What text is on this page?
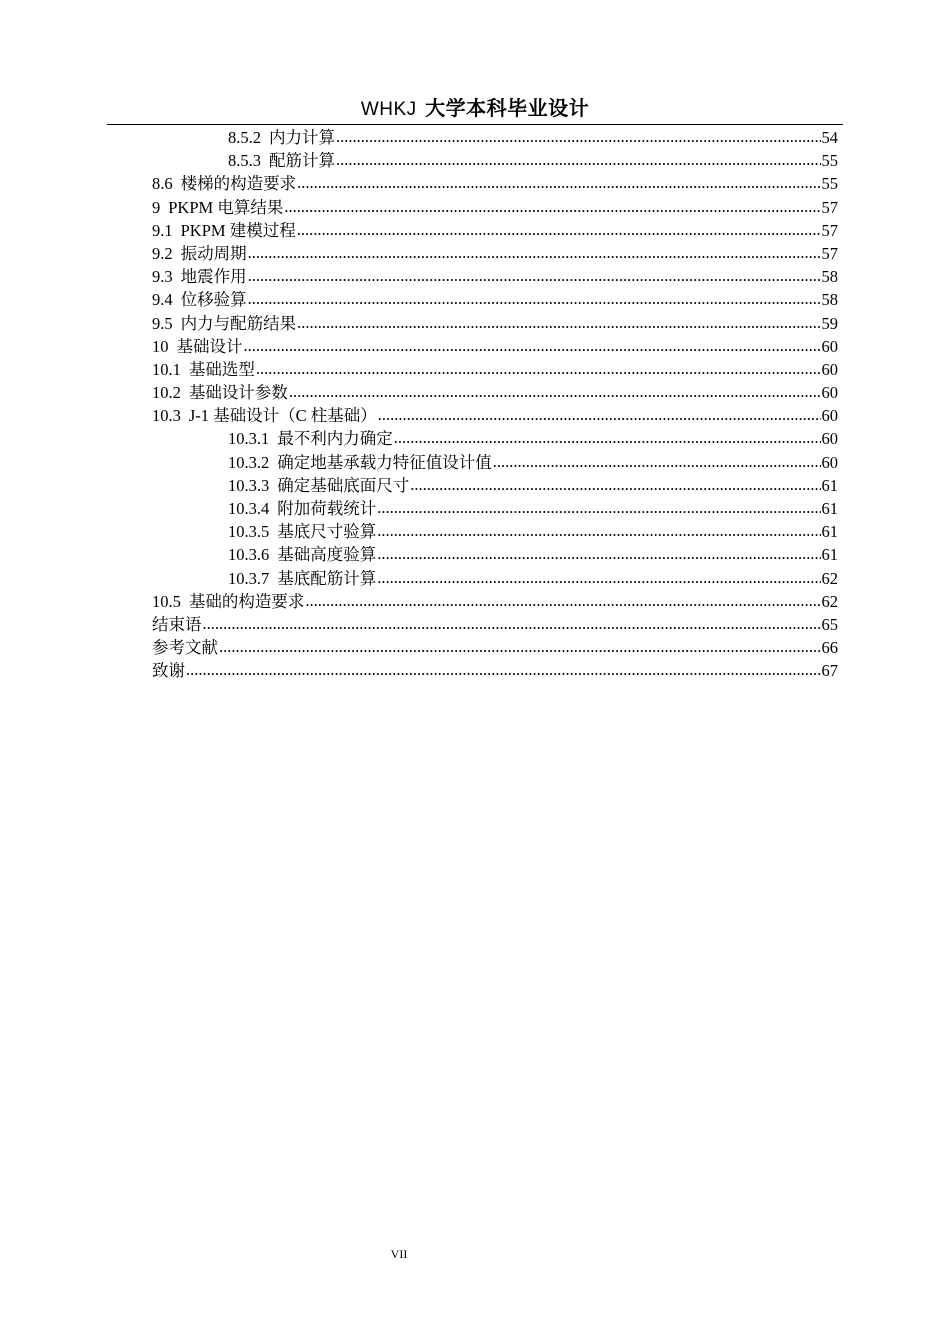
WHKJ 大学本科毕业设计
8.5.2 内力计算 .....	54
8.5.3 配筋计算 .....	55
8.6 楼梯的构造要求 .....	55
9 PKPM 电算结果 .....	57
9.1 PKPM 建模过程 .....	57
9.2 振动周期 .....	57
9.3 地震作用 .....	58
9.4 位移验算 .....	58
9.5 内力与配筋结果 .....	59
10 基础设计 .....	60
10.1 基础选型 .....	60
10.2 基础设计参数 .....	60
10.3 J-1 基础设计（C 柱基础） .....	60
10.3.1 最不利内力确定 .....	60
10.3.2 确定地基承载力特征值设计值 .....	60
10.3.3 确定基础底面尺寸 .....	61
10.3.4 附加荷载统计 .....	61
10.3.5 基底尺寸验算 .....	61
10.3.6 基础高度验算 .....	61
10.3.7 基底配筋计算 .....	62
10.5 基础的构造要求 .....	62
结束语 .....	65
参考文献 .....	66
致谢 .....	67
VII
